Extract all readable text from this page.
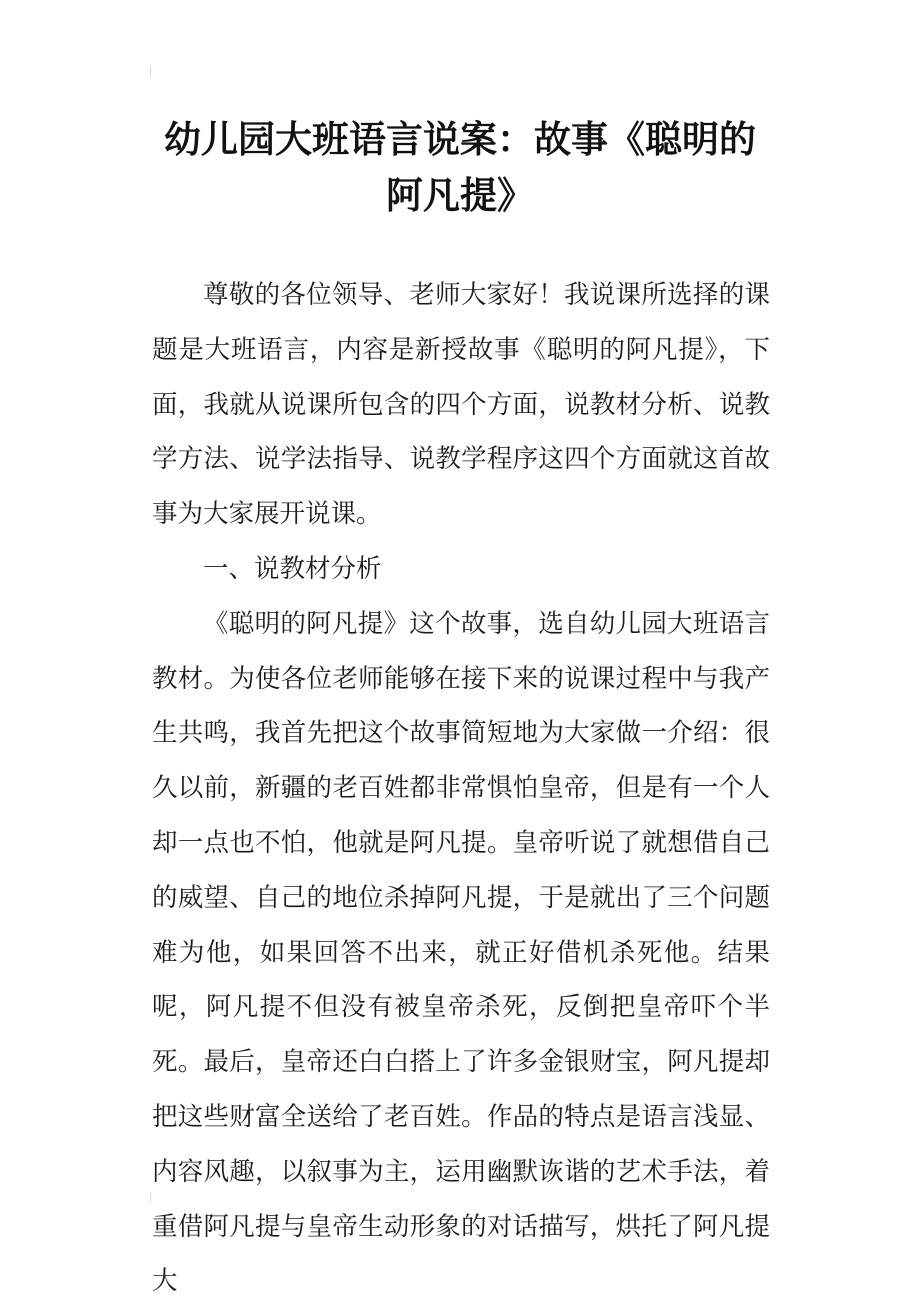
幼儿园大班语言说案：故事《聪明的阿凡提》

尊敬的各位领导、老师大家好！我说课所选择的课题是大班语言，内容是新授故事《聪明的阿凡提》，下面，我就从说课所包含的四个方面，说教材分析、说教学方法、说学法指导、说教学程序这四个方面就这首故事为大家展开说课。

一、说教材分析

《聪明的阿凡提》这个故事，选自幼儿园大班语言教材。为使各位老师能够在接下来的说课过程中与我产生共鸣，我首先把这个故事简短地为大家做一介绍：很久以前，新疆的老百姓都非常惧怕皇帝，但是有一个人却一点也不怕，他就是阿凡提。皇帝听说了就想借自己的威望、自己的地位杀掉阿凡提，于是就出了三个问题难为他，如果回答不出来，就正好借机杀死他。结果呢，阿凡提不但没有被皇帝杀死，反倒把皇帝吓个半死。最后，皇帝还白白搭上了许多金银财宝，阿凡提却把这些财富全送给了老百姓。作品的特点是语言浅显、内容风趣，以叙事为主，运用幽默诙谐的艺术手法，着重借阿凡提与皇帝生动形象的对话描写，烘托了阿凡提大
